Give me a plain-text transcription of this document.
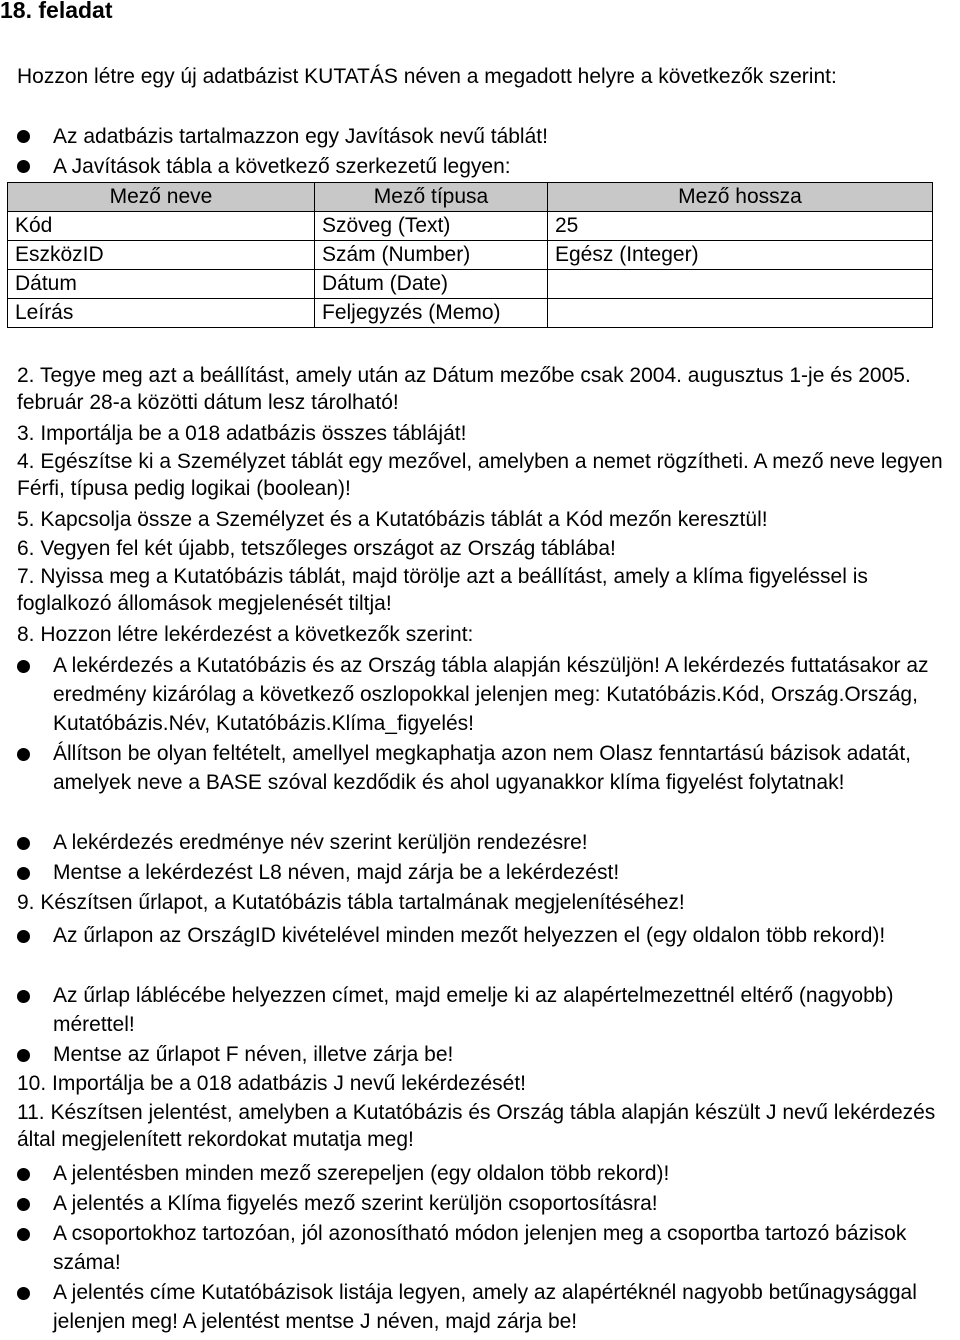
18. feladat
Hozzon létre egy új adatbázist KUTATÁS néven a megadott helyre a következők szerint:
Az adatbázis tartalmazzon egy Javítások nevű táblát!
A Javítások tábla a következő szerkezetű legyen:
Mező neve	Mező típusa	Mező hossza
Kód	Szöveg (Text)	25
EszközID	Szám (Number)	Egész (Integer)
Dátum	Dátum (Date)	
Leírás	Feljegyzés (Memo)	
2. Tegye meg azt a beállítást, amely után az Dátum mezőbe csak 2004. augusztus 1-je és 2005. február 28-a közötti dátum lesz tárolható!
3. Importálja be a 018 adatbázis összes tábláját!
4. Egészítse ki a Személyzet táblát egy mezővel, amelyben a nemet rögzítheti. A mező neve legyen Férfi, típusa pedig logikai (boolean)!
5. Kapcsolja össze a Személyzet és a Kutatóbázis táblát a Kód mezőn keresztül!
6. Vegyen fel két újabb, tetszőleges országot az Ország táblába!
7. Nyissa meg a Kutatóbázis táblát, majd törölje azt a beállítást, amely a klíma figyeléssel is foglalkozó állomások megjelenését tiltja!
8. Hozzon létre lekérdezést a következők szerint:
A lekérdezés a Kutatóbázis és az Ország tábla alapján készüljön! A lekérdezés futtatásakor az eredmény kizárólag a következő oszlopokkal jelenjen meg: Kutatóbázis.Kód, Ország.Ország, Kutatóbázis.Név, Kutatóbázis.Klíma_figyelés!
Állítson be olyan feltételt, amellyel megkaphatja azon nem Olasz fenntartású bázisok adatát, amelyek neve a BASE szóval kezdődik és ahol ugyanakkor klíma figyelést folytatnak!
A lekérdezés eredménye név szerint kerüljön rendezésre!
Mentse a lekérdezést L8 néven, majd zárja be a lekérdezést!
9. Készítsen űrlapot, a Kutatóbázis tábla tartalmának megjelenítéséhez!
Az űrlapon az OrszágID kivételével minden mezőt helyezzen el (egy oldalon több rekord)!
Az űrlap láblécébe helyezzen címet, majd emelje ki az alapértelmezettnél eltérő (nagyobb) mérettel!
Mentse az űrlapot F néven, illetve zárja be!
10. Importálja be a 018 adatbázis J nevű lekérdezését!
11. Készítsen jelentést, amelyben a Kutatóbázis és Ország tábla alapján készült J nevű lekérdezés által megjelenített rekordokat mutatja meg!
A jelentésben minden mező szerepeljen (egy oldalon több rekord)!
A jelentés a Klíma figyelés mező szerint kerüljön csoportosításra!
A csoportokhoz tartozóan, jól azonosítható módon jelenjen meg a csoportba tartozó bázisok száma!
A jelentés címe Kutatóbázisok listája legyen, amely az alapértéknél nagyobb betűnagysággal jelenjen meg! A jelentést mentse J néven, majd zárja be!
